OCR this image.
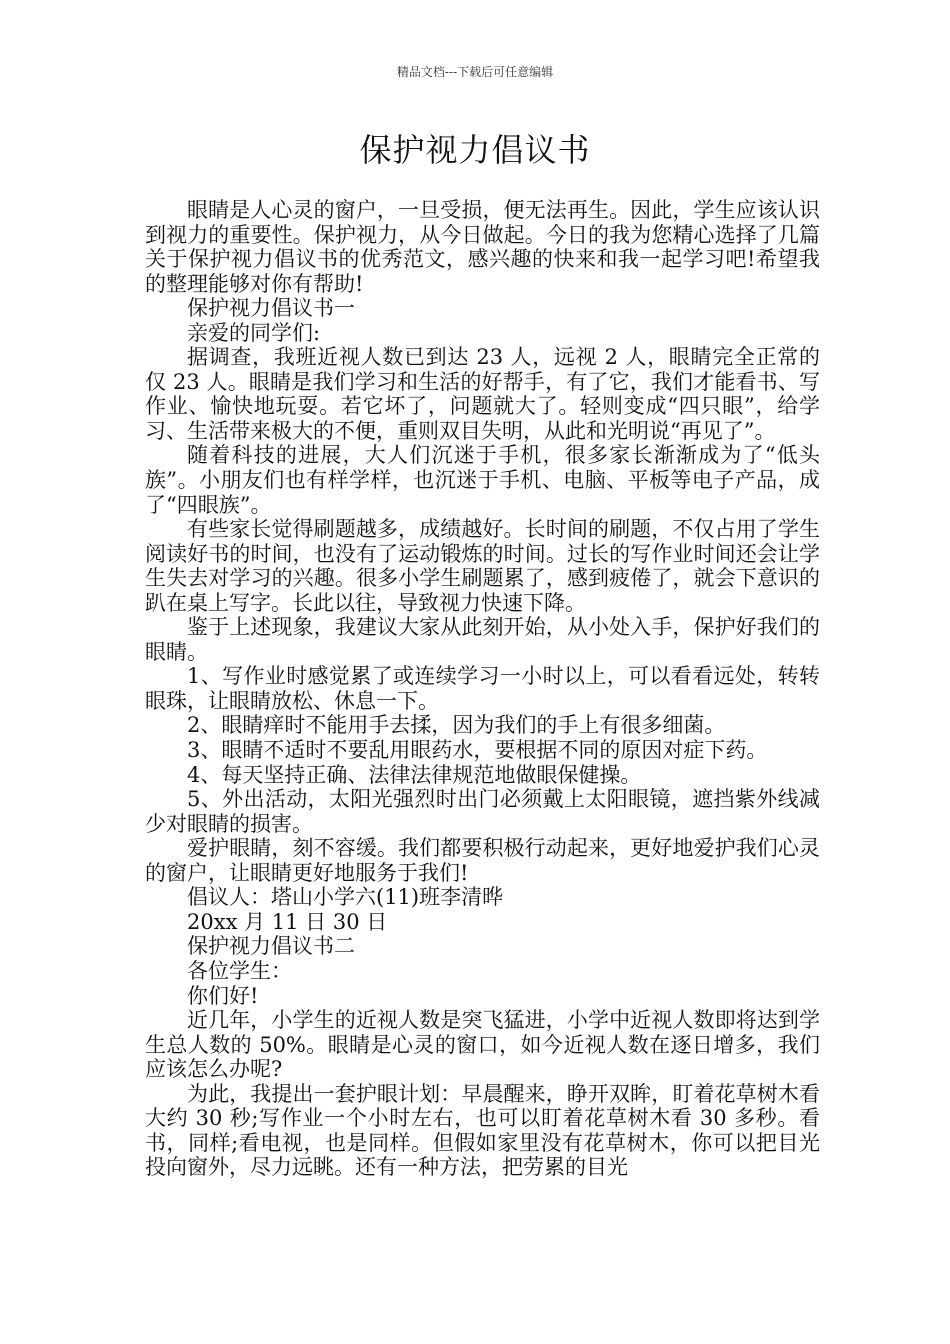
精品文档---下载后可任意编辑
保护视力倡议书

眼睛是人心灵的窗户，一旦受损，便无法再生。因此，学生应该认识到视力的重要性。保护视力，从今日做起。今日的我为您精心选择了几篇关于保护视力倡议书的优秀范文，感兴趣的快来和我一起学习吧!希望我的整理能够对你有帮助!

保护视力倡议书一

亲爱的同学们:

据调查，我班近视人数已到达 23 人，远视 2 人，眼睛完全正常的仅 23 人。眼睛是我们学习和生活的好帮手，有了它，我们才能看书、写作业、愉快地玩耍。若它坏了，问题就大了。轻则变成“四只眼”，给学习、生活带来极大的不便，重则双目失明，从此和光明说“再见了”。

随着科技的进展，大人们沉迷于手机，很多家长渐渐成为了“低头族”。小朋友们也有样学样，也沉迷于手机、电脑、平板等电子产品，成了“四眼族”。

有些家长觉得刷题越多，成绩越好。长时间的刷题，不仅占用了学生阅读好书的时间，也没有了运动锻炼的时间。过长的写作业时间还会让学生失去对学习的兴趣。很多小学生刷题累了，感到疲倦了，就会下意识的趴在桌上写字。长此以往，导致视力快速下降。

鉴于上述现象，我建议大家从此刻开始，从小处入手，保护好我们的眼睛。

1、写作业时感觉累了或连续学习一小时以上，可以看看远处，转转眼珠，让眼睛放松、休息一下。

2、眼睛痒时不能用手去揉，因为我们的手上有很多细菌。

3、眼睛不适时不要乱用眼药水，要根据不同的原因对症下药。

4、每天坚持正确、法律法律规范地做眼保健操。

5、外出活动，太阳光强烈时出门必须戴上太阳眼镜，遮挡紫外线减少对眼睛的损害。

爱护眼睛，刻不容缓。我们都要积极行动起来，更好地爱护我们心灵的窗户，让眼睛更好地服务于我们!

倡议人：塔山小学六(11)班李清晔

20xx 月 11 日 30 日

保护视力倡议书二

各位学生：

你们好!

近几年，小学生的近视人数是突飞猛进，小学中近视人数即将达到学生总人数的 50%。眼睛是心灵的窗口，如今近视人数在逐日增多，我们应该怎么办呢?

为此，我提出一套护眼计划：早晨醒来，睁开双眸，盯着花草树木看大约 30 秒;写作业一个小时左右，也可以盯着花草树木看 30 多秒。看书，同样;看电视，也是同样。但假如家里没有花草树木，你可以把目光投向窗外，尽力远眺。还有一种方法，把劳累的目光
